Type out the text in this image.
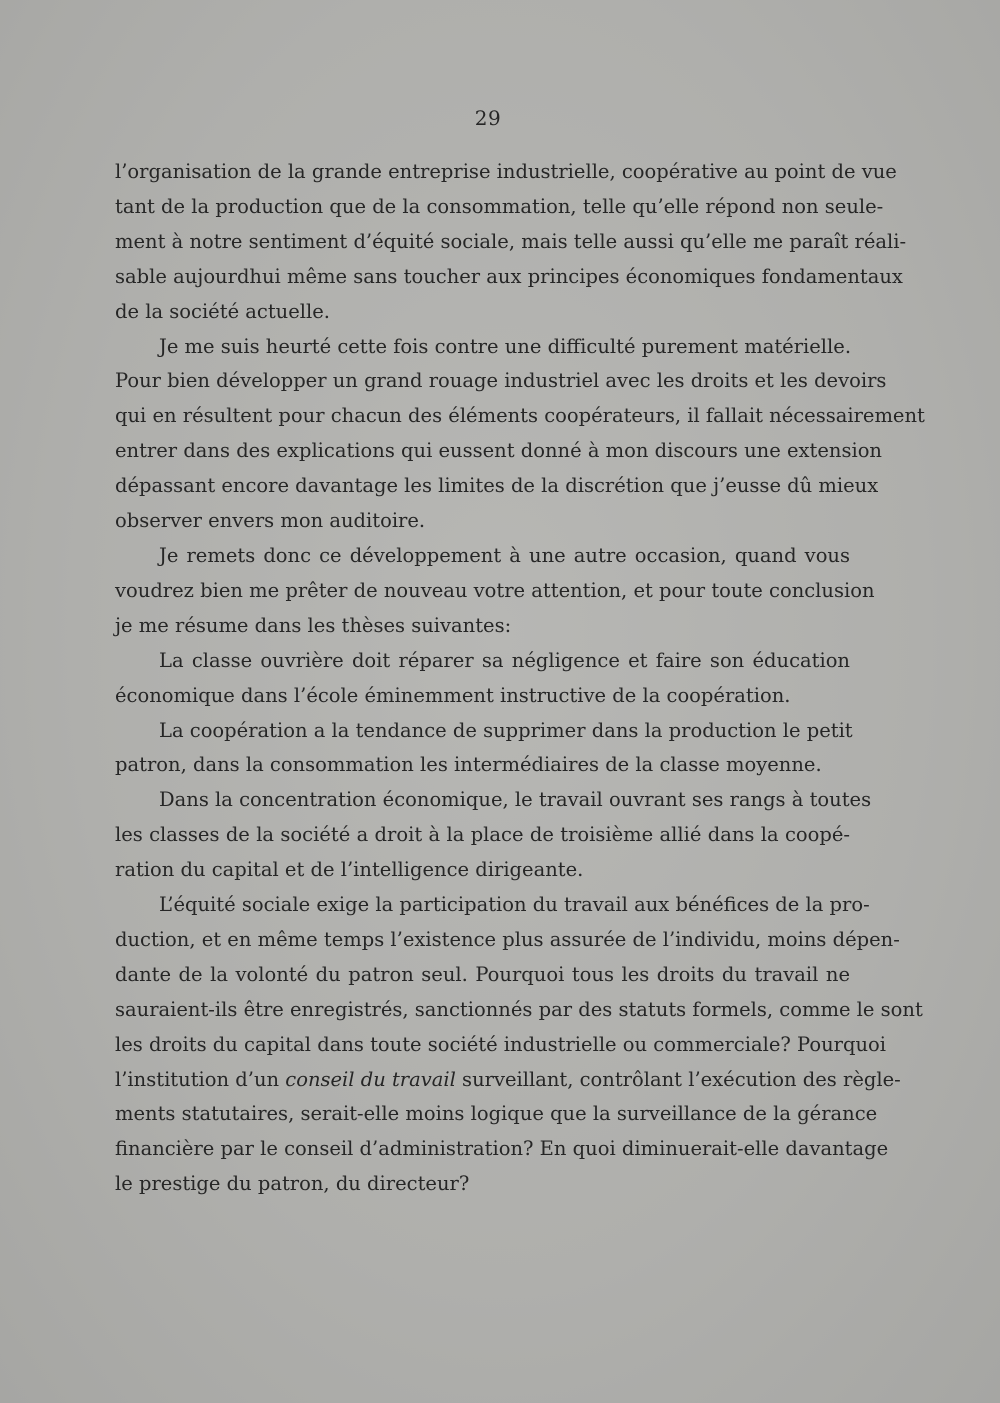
29

l’organisation de la grande entreprise industrielle, coopérative au point de vue
tant de la production que de la consommation, telle qu’elle répond non seule-
ment à notre sentiment d’équité sociale, mais telle aussi qu’elle me paraît réali-
sable aujourdhui même sans toucher aux principes économiques fondamentaux
de la société actuelle.

Je me suis heurté cette fois contre une difficulté purement matérielle.
Pour bien développer un grand rouage industriel avec les droits et les devoirs
qui en résultent pour chacun des éléments coopérateurs, il fallait nécessairement
entrer dans des explications qui eussent donné à mon discours une extension
dépassant encore davantage les limites de la discrétion que j’eusse dû mieux
observer envers mon auditoire.

Je remets donc ce développement à une autre occasion, quand vous
voudrez bien me prêter de nouveau votre attention, et pour toute conclusion
je me résume dans les thèses suivantes:

La classe ouvrière doit réparer sa négligence et faire son éducation
économique dans l’école éminemment instructive de la coopération.

La coopération a la tendance de supprimer dans la production le petit
patron, dans la consommation les intermédiaires de la classe moyenne.

Dans la concentration économique, le travail ouvrant ses rangs à toutes
les classes de la société a droit à la place de troisième allié dans la coopé-
ration du capital et de l’intelligence dirigeante.

L’équité sociale exige la participation du travail aux bénéfices de la pro-
duction, et en même temps l’existence plus assurée de l’individu, moins dépen-
dante de la volonté du patron seul. Pourquoi tous les droits du travail ne
sauraient-ils être enregistrés, sanctionnés par des statuts formels, comme le sont
les droits du capital dans toute société industrielle ou commerciale? Pourquoi
l’institution d’un conseil du travail surveillant, contrôlant l’exécution des règle-
ments statutaires, serait-elle moins logique que la surveillance de la gérance
financière par le conseil d’administration? En quoi diminuerait-elle davantage
le prestige du patron, du directeur?
